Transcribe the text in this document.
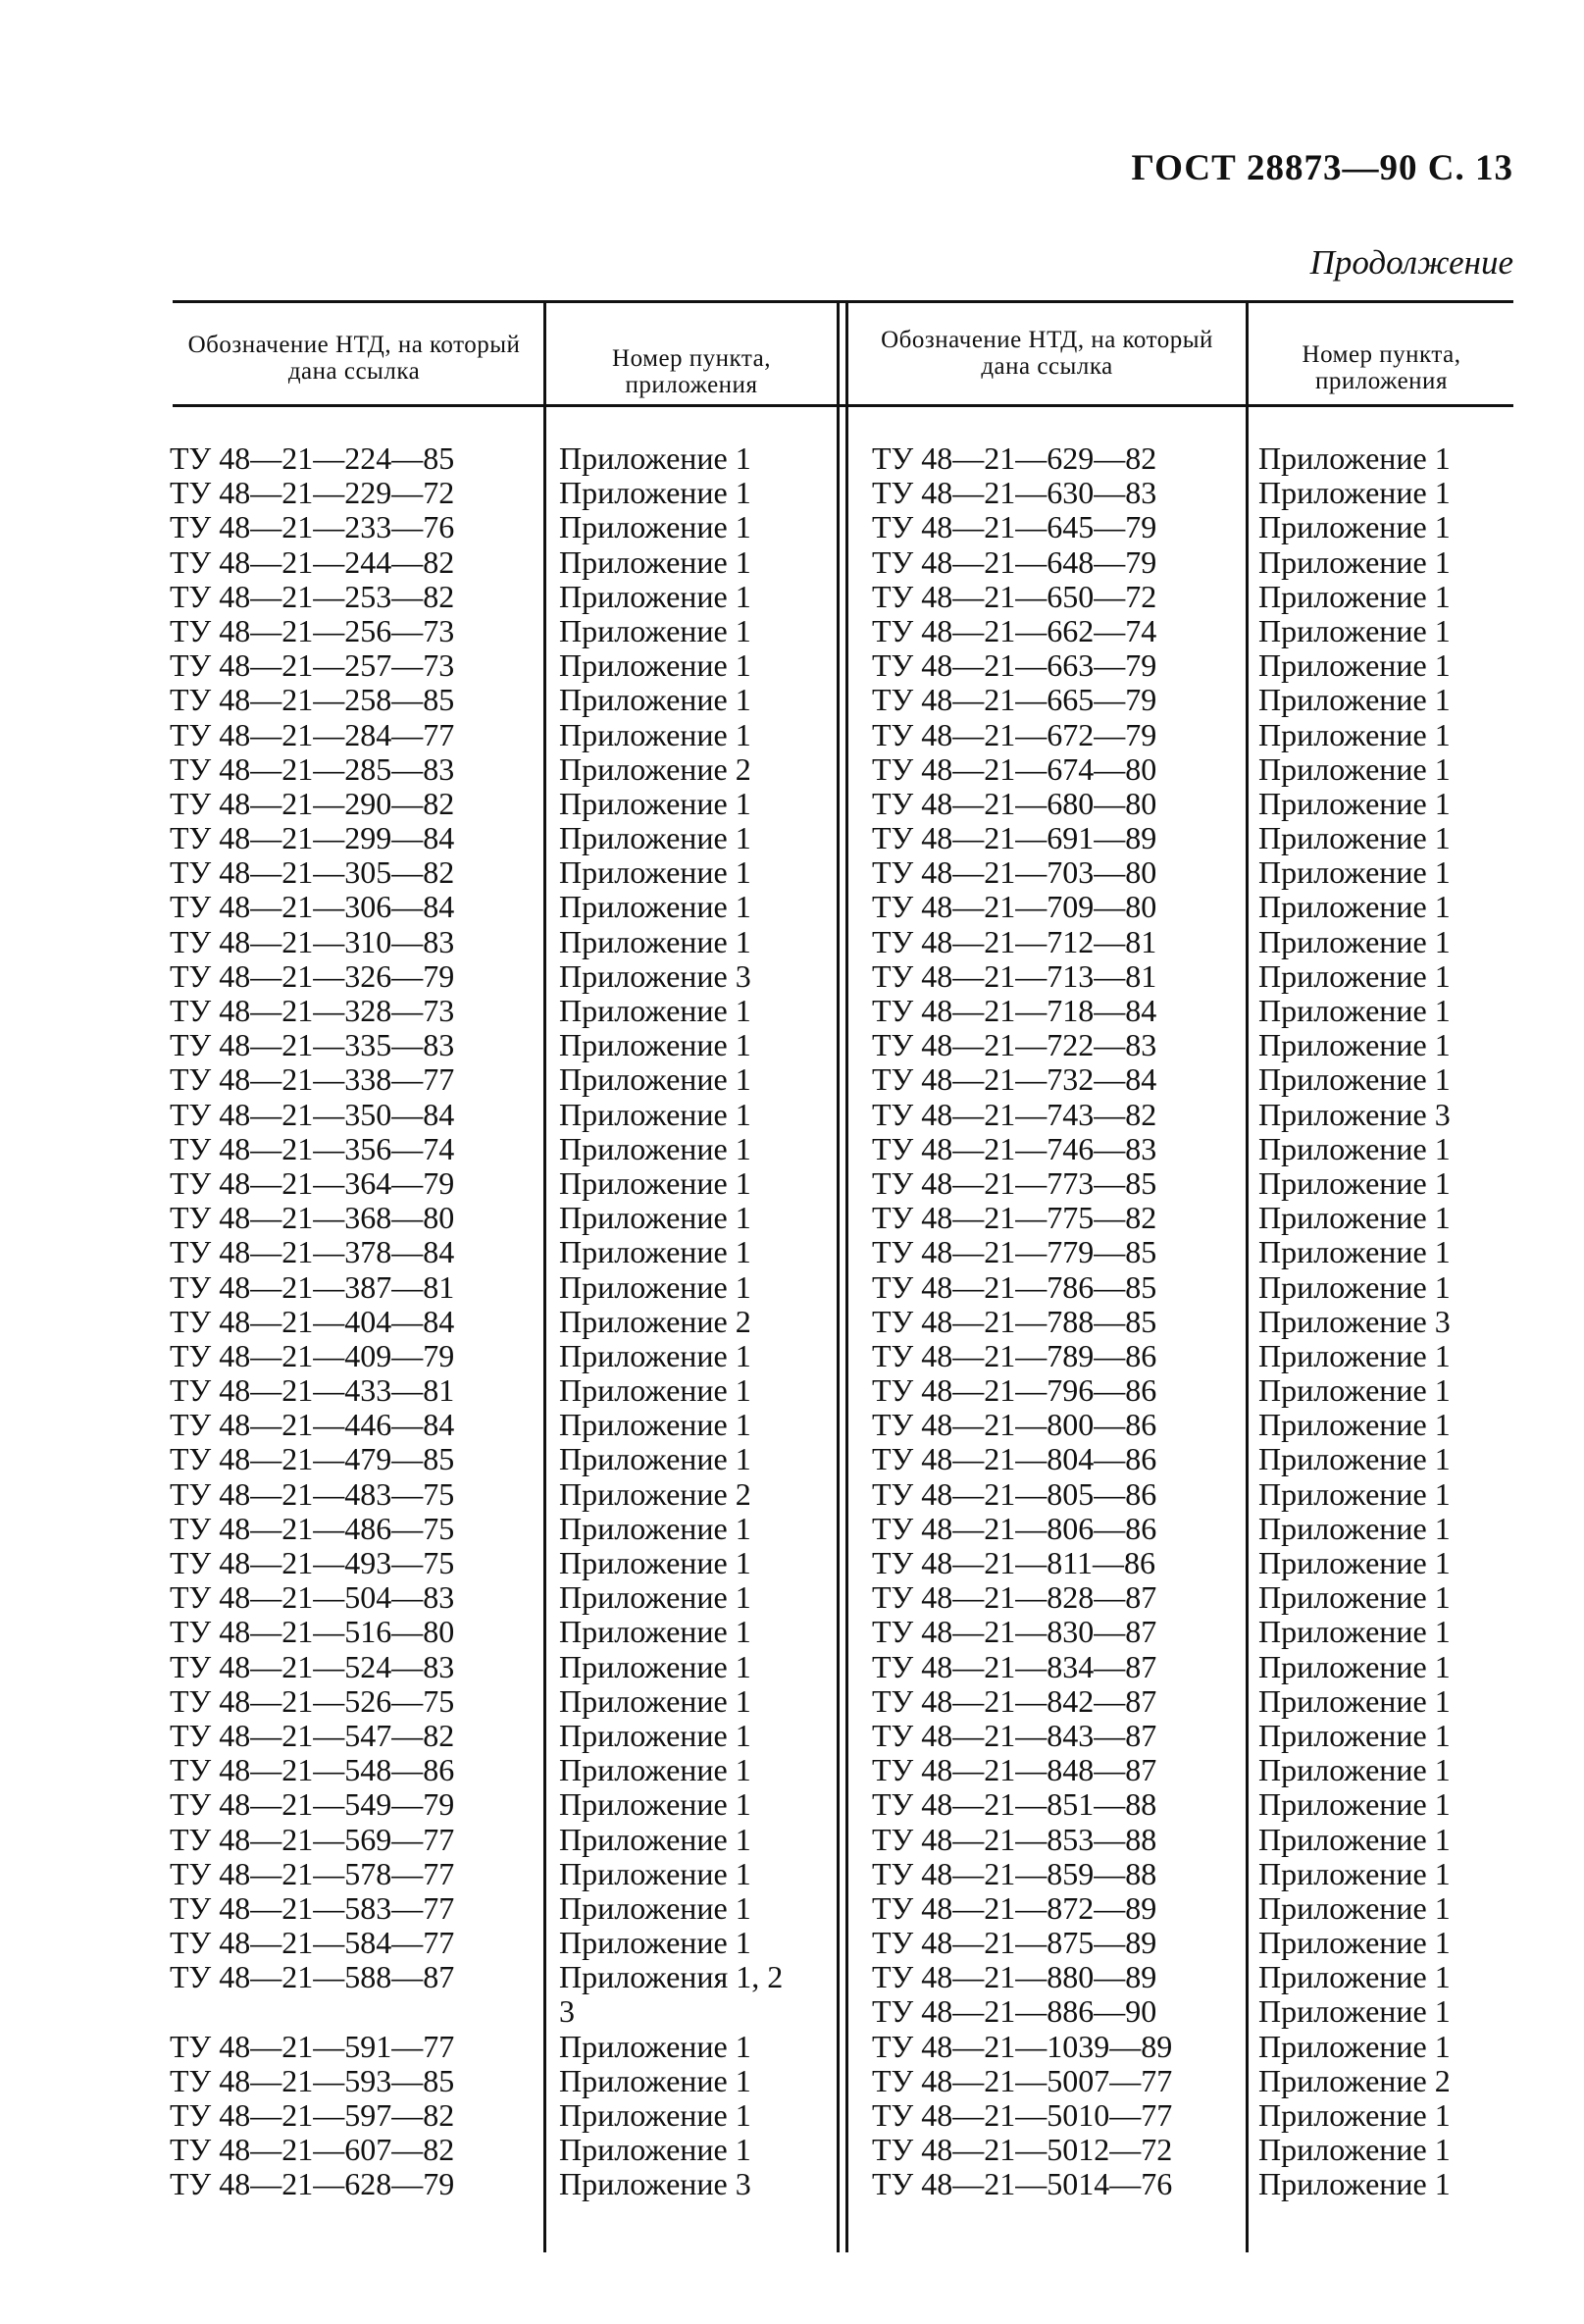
ГОСТ 28873—90 С. 13
Продолжение
Обозначение НТД, на который дана ссылка	Номер пункта, приложения
Обозначение НТД, на который дана ссылка	Номер пункта, приложения
ТУ 48—21—224—85
ТУ 48—21—229—72
ТУ 48—21—233—76
ТУ 48—21—244—82
ТУ 48—21—253—82
ТУ 48—21—256—73
ТУ 48—21—257—73
ТУ 48—21—258—85
ТУ 48—21—284—77
ТУ 48—21—285—83
ТУ 48—21—290—82
ТУ 48—21—299—84
ТУ 48—21—305—82
ТУ 48—21—306—84
ТУ 48—21—310—83
ТУ 48—21—326—79
ТУ 48—21—328—73
ТУ 48—21—335—83
ТУ 48—21—338—77
ТУ 48—21—350—84
ТУ 48—21—356—74
ТУ 48—21—364—79
ТУ 48—21—368—80
ТУ 48—21—378—84
ТУ 48—21—387—81
ТУ 48—21—404—84
ТУ 48—21—409—79
ТУ 48—21—433—81
ТУ 48—21—446—84
ТУ 48—21—479—85
ТУ 48—21—483—75
ТУ 48—21—486—75
ТУ 48—21—493—75
ТУ 48—21—504—83
ТУ 48—21—516—80
ТУ 48—21—524—83
ТУ 48—21—526—75
ТУ 48—21—547—82
ТУ 48—21—548—86
ТУ 48—21—549—79
ТУ 48—21—569—77
ТУ 48—21—578—77
ТУ 48—21—583—77
ТУ 48—21—584—77
ТУ 48—21—588—87
ТУ 48—21—591—77
ТУ 48—21—593—85
ТУ 48—21—597—82
ТУ 48—21—607—82
ТУ 48—21—628—79
Приложение 1
Приложение 1
Приложение 1
Приложение 1
Приложение 1
Приложение 1
Приложение 1
Приложение 1
Приложение 1
Приложение 2
Приложение 1
Приложение 1
Приложение 1
Приложение 1
Приложение 1
Приложение 3
Приложение 1
Приложение 1
Приложение 1
Приложение 1
Приложение 1
Приложение 1
Приложение 1
Приложение 1
Приложение 1
Приложение 2
Приложение 1
Приложение 1
Приложение 1
Приложение 1
Приложение 2
Приложение 1
Приложение 1
Приложение 1
Приложение 1
Приложение 1
Приложение 1
Приложение 1
Приложение 1
Приложение 1
Приложение 1
Приложение 1
Приложение 1
Приложение 1
Приложения 1, 2 3
Приложение 1
Приложение 1
Приложение 1
Приложение 1
Приложение 3
ТУ 48—21—629—82
ТУ 48—21—630—83
ТУ 48—21—645—79
ТУ 48—21—648—79
ТУ 48—21—650—72
ТУ 48—21—662—74
ТУ 48—21—663—79
ТУ 48—21—665—79
ТУ 48—21—672—79
ТУ 48—21—674—80
ТУ 48—21—680—80
ТУ 48—21—691—89
ТУ 48—21—703—80
ТУ 48—21—709—80
ТУ 48—21—712—81
ТУ 48—21—713—81
ТУ 48—21—718—84
ТУ 48—21—722—83
ТУ 48—21—732—84
ТУ 48—21—743—82
ТУ 48—21—746—83
ТУ 48—21—773—85
ТУ 48—21—775—82
ТУ 48—21—779—85
ТУ 48—21—786—85
ТУ 48—21—788—85
ТУ 48—21—789—86
ТУ 48—21—796—86
ТУ 48—21—800—86
ТУ 48—21—804—86
ТУ 48—21—805—86
ТУ 48—21—806—86
ТУ 48—21—811—86
ТУ 48—21—828—87
ТУ 48—21—830—87
ТУ 48—21—834—87
ТУ 48—21—842—87
ТУ 48—21—843—87
ТУ 48—21—848—87
ТУ 48—21—851—88
ТУ 48—21—853—88
ТУ 48—21—859—88
ТУ 48—21—872—89
ТУ 48—21—875—89
ТУ 48—21—880—89
ТУ 48—21—886—90
ТУ 48—21—1039—89
ТУ 48—21—5007—77
ТУ 48—21—5010—77
ТУ 48—21—5012—72
ТУ 48—21—5014—76
Приложение 1
Приложение 1
Приложение 1
Приложение 1
Приложение 1
Приложение 1
Приложение 1
Приложение 1
Приложение 1
Приложение 1
Приложение 1
Приложение 1
Приложение 1
Приложение 1
Приложение 1
Приложение 1
Приложение 1
Приложение 1
Приложение 1
Приложение 3
Приложение 1
Приложение 1
Приложение 1
Приложение 1
Приложение 1
Приложение 3
Приложение 1
Приложение 1
Приложение 1
Приложение 1
Приложение 1
Приложение 1
Приложение 1
Приложение 1
Приложение 1
Приложение 1
Приложение 1
Приложение 1
Приложение 1
Приложение 1
Приложение 1
Приложение 1
Приложение 1
Приложение 1
Приложение 1
Приложение 1
Приложение 1
Приложение 2
Приложение 1
Приложение 1
Приложение 1
